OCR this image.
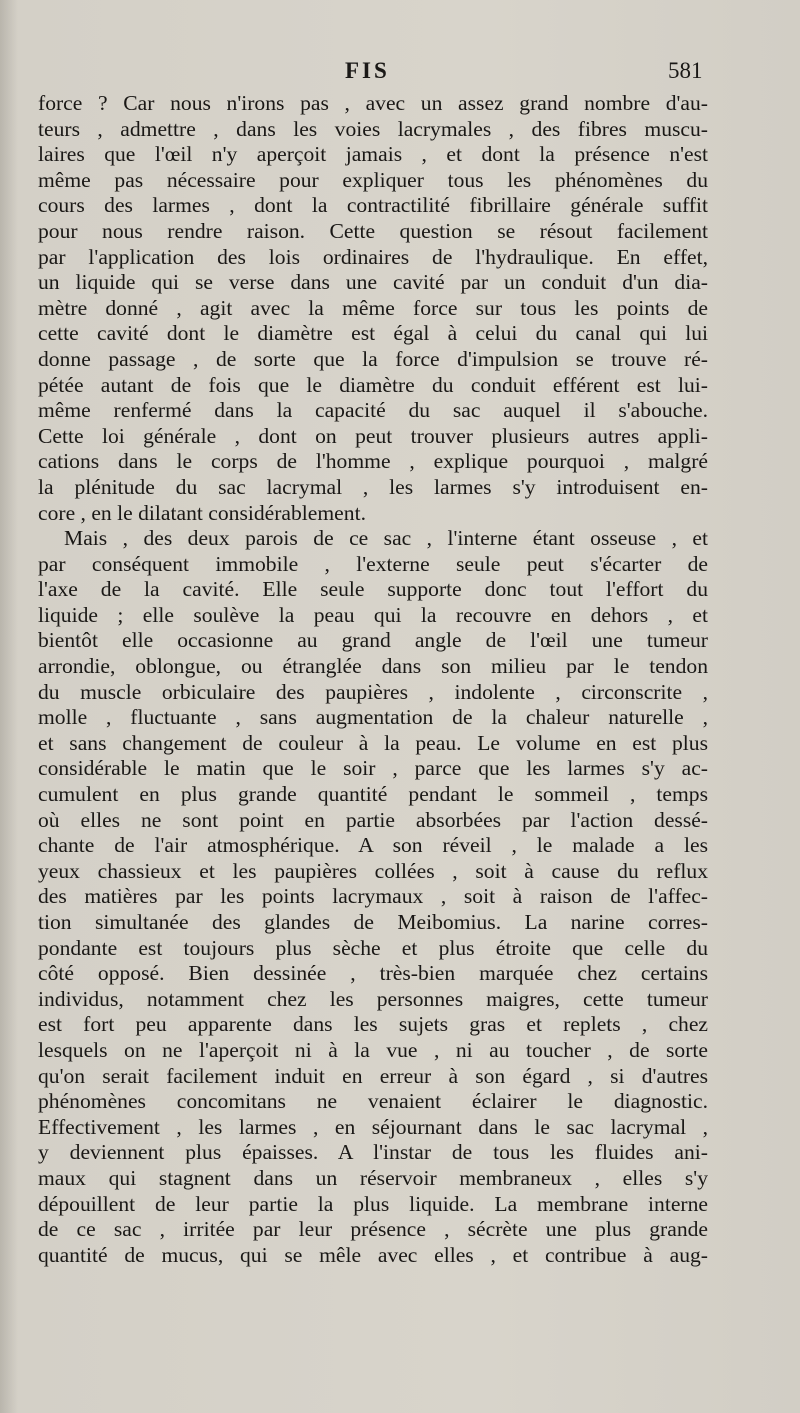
FIS	581
force ? Car nous n'irons pas , avec un assez grand nombre d'au-
teurs , admettre , dans les voies lacrymales , des fibres muscu-
laires que l'œil n'y aperçoit jamais , et dont la présence n'est
même pas nécessaire pour expliquer tous les phénomènes du
cours des larmes , dont la contractilité fibrillaire générale suffit
pour nous rendre raison. Cette question se résout facilement
par l'application des lois ordinaires de l'hydraulique. En effet,
un liquide qui se verse dans une cavité par un conduit d'un dia-
mètre donné , agit avec la même force sur tous les points de
cette cavité dont le diamètre est égal à celui du canal qui lui
donne passage , de sorte que la force d'impulsion se trouve ré-
pétée autant de fois que le diamètre du conduit efférent est lui-
même renfermé dans la capacité du sac auquel il s'abouche.
Cette loi générale , dont on peut trouver plusieurs autres appli-
cations dans le corps de l'homme , explique pourquoi , malgré
la plénitude du sac lacrymal , les larmes s'y introduisent en-
core , en le dilatant considérablement.
Mais , des deux parois de ce sac , l'interne étant osseuse , et
par conséquent immobile , l'externe seule peut s'écarter de
l'axe de la cavité. Elle seule supporte donc tout l'effort du
liquide ; elle soulève la peau qui la recouvre en dehors , et
bientôt elle occasionne au grand angle de l'œil une tumeur
arrondie, oblongue, ou étranglée dans son milieu par le tendon
du muscle orbiculaire des paupières , indolente , circonscrite ,
molle , fluctuante , sans augmentation de la chaleur naturelle ,
et sans changement de couleur à la peau. Le volume en est plus
considérable le matin que le soir , parce que les larmes s'y ac-
cumulent en plus grande quantité pendant le sommeil , temps
où elles ne sont point en partie absorbées par l'action dessé-
chante de l'air atmosphérique. A son réveil , le malade a les
yeux chassieux et les paupières collées , soit à cause du reflux
des matières par les points lacrymaux , soit à raison de l'affec-
tion simultanée des glandes de Meibomius. La narine corres-
pondante est toujours plus sèche et plus étroite que celle du
côté opposé. Bien dessinée , très-bien marquée chez certains
individus, notamment chez les personnes maigres, cette tumeur
est fort peu apparente dans les sujets gras et replets , chez
lesquels on ne l'aperçoit ni à la vue , ni au toucher , de sorte
qu'on serait facilement induit en erreur à son égard , si d'autres
phénomènes concomitans ne venaient éclairer le diagnostic.
Effectivement , les larmes , en séjournant dans le sac lacrymal ,
y deviennent plus épaisses. A l'instar de tous les fluides ani-
maux qui stagnent dans un réservoir membraneux , elles s'y
dépouillent de leur partie la plus liquide. La membrane interne
de ce sac , irritée par leur présence , sécrète une plus grande
quantité de mucus, qui se mêle avec elles , et contribue à aug-
